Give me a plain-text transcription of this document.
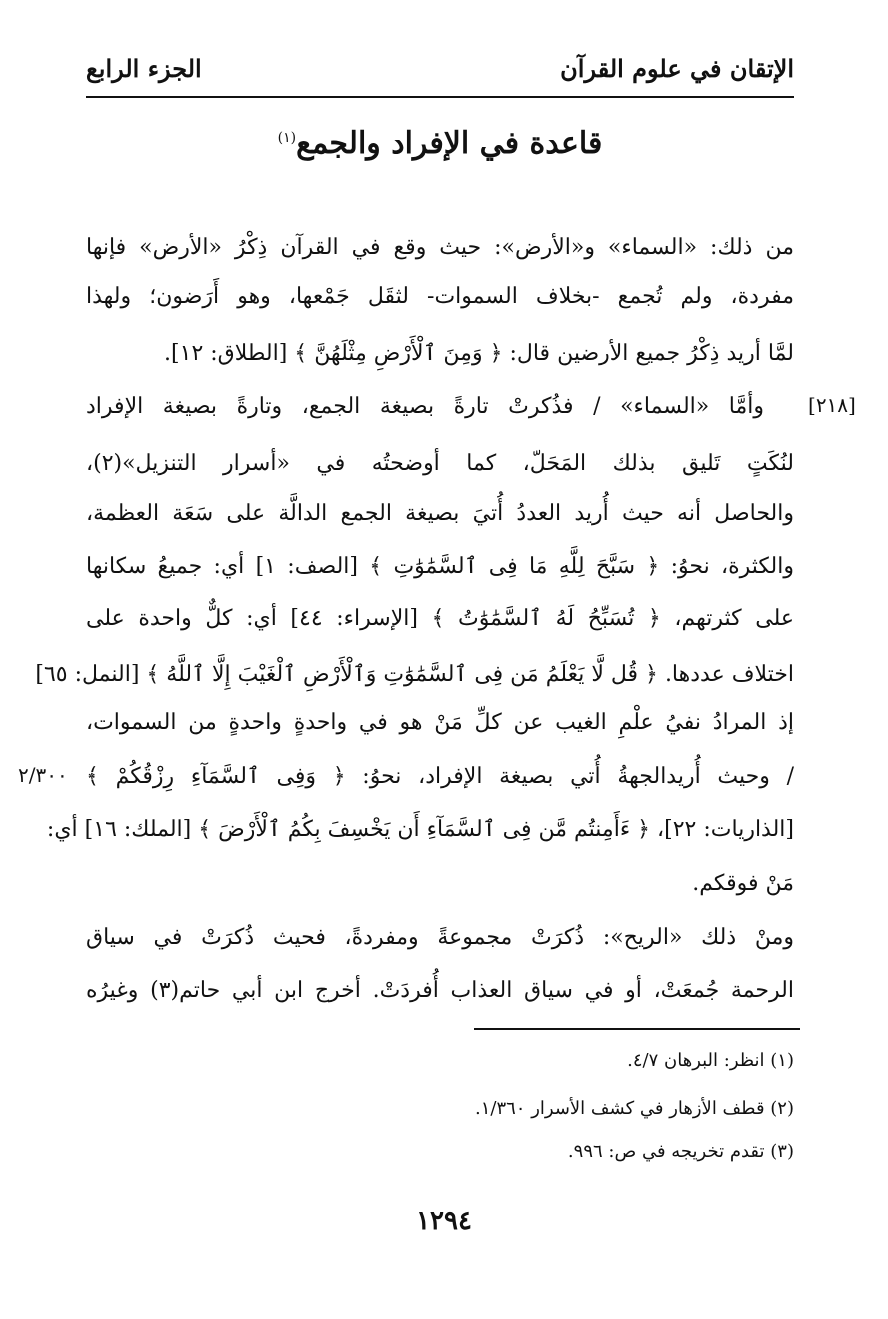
الإتقان في علوم القرآن
الجزء الرابع
قاعدة في الإفراد والجمع$^{(١)}$
من ذلك: «السماء» و«الأرض»: حيث وقع في القرآن ذِكْرُ «الأرض» فإنها
مفردة، ولم تُجمع -بخلاف السموات- لثقَل جَمْعها، وهو أَرَضون؛ ولهذا
لمَّا أريد ذِكْرُ جميع الأرضين قال: ﴿ وَمِنَ ٱلْأَرْضِ مِثْلَهُنَّ ﴾ [الطلاق: ١٢].
وأمَّا «السماء» / فذُكرتْ تارةً بصيغة الجمع، وتارةً بصيغة الإفراد
لنُكَتٍ تَليق بذلك المَحَلّ، كما أوضحتُه في «أسرار التنزيل»(٢)،
والحاصل أنه حيث أُريد العددُ أُتيَ بصيغة الجمع الدالَّة على سَعَة العظمة،
والكثرة، نحوُ: ﴿ سَبَّحَ لِلَّهِ مَا فِى ٱلسَّمَٰوَٰتِ ﴾ [الصف: ١] أي: جميعُ سكانها
على كثرتهم، ﴿ تُسَبِّحُ لَهُ ٱلسَّمَٰوَٰتُ ﴾ [الإسراء: ٤٤] أي: كلٌّ واحدة على
اختلاف عددها. ﴿ قُل لَّا يَعْلَمُ مَن فِى ٱلسَّمَٰوَٰتِ وَٱلْأَرْضِ ٱلْغَيْبَ إِلَّا ٱللَّهُ ﴾ [النمل: ٦٥]
إذ المرادُ نفيُ علْمِ الغيب عن كلِّ مَنْ هو في واحدةٍ واحدةٍ من السموات،
/ وحيث أُريدالجهةُ أُتي بصيغة الإفراد، نحوُ: ﴿ وَفِى ٱلسَّمَآءِ رِزْقُكُمْ ﴾
[الذاريات: ٢٢]، ﴿ ءَأَمِنتُم مَّن فِى ٱلسَّمَآءِ أَن يَخْسِفَ بِكُمُ ٱلْأَرْضَ ﴾ [الملك: ١٦] أي:
مَنْ فوقكم.
ومنْ ذلك «الريح»: ذُكرَتْ مجموعةً ومفردةً، فحيث ذُكرَتْ في سياق
الرحمة جُمعَتْ، أو في سياق العذاب أُفردَتْ. أخرج ابن أبي حاتم(٣) وغيرُه
[٢١٨]
٢/٣٠٠
(١) انظر: البرهان ٤/٧.
(٢) قطف الأزهار في كشف الأسرار ١/٣٦٠.
(٣) تقدم تخريجه في ص: ٩٩٦.
١٢٩٤
